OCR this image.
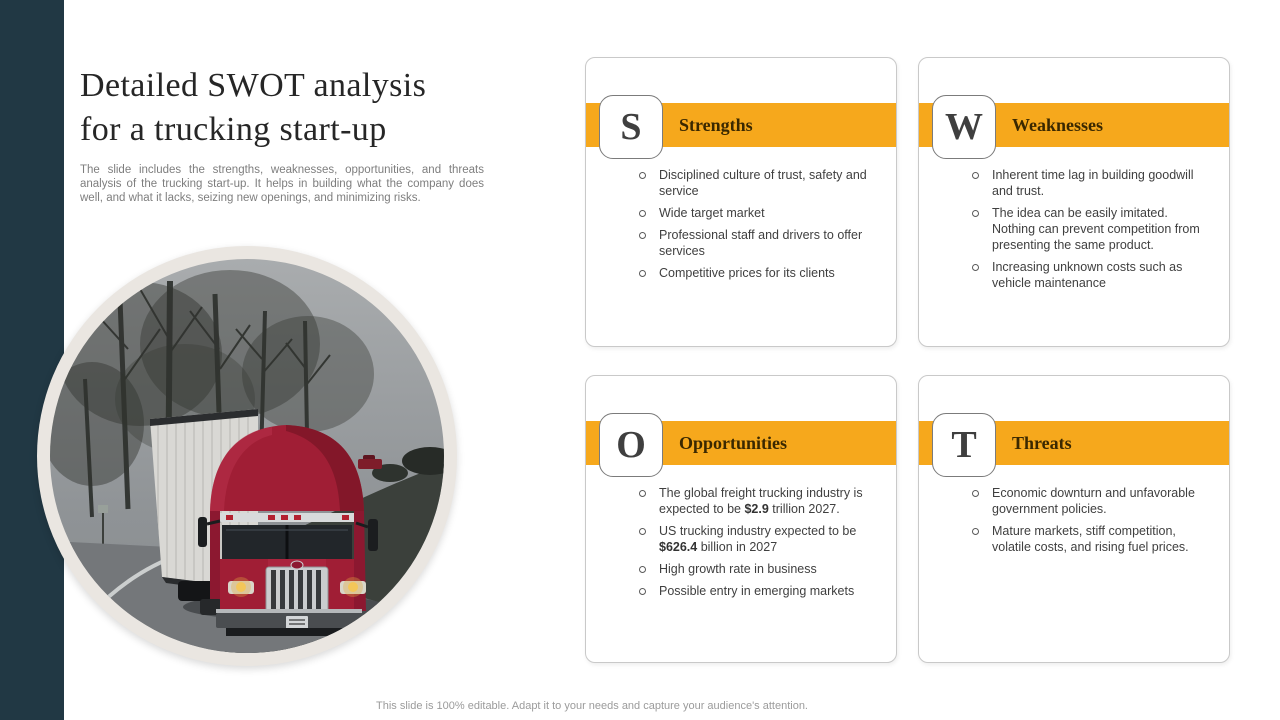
Detailed SWOT analysis
for a trucking start-up

The slide includes the strengths, weaknesses, opportunities, and threats analysis of the trucking start-up. It helps in building what the company does well, and what it lacks, seizing new openings, and minimizing risks.

S	Strengths
Disciplined culture of trust, safety and service
Wide target market
Professional staff and drivers to offer services
Competitive prices for its clients
W	Weaknesses
Inherent time lag in building goodwill and trust.
The idea can be easily imitated. Nothing can prevent competition from presenting the same product.
Increasing unknown costs such as vehicle maintenance
O	Opportunities
The global freight trucking industry is expected to be $2.9 trillion 2027.
US trucking industry expected to be $626.4 billion in 2027
High growth rate in business
Possible entry in emerging markets
T	Threats
Economic downturn and unfavorable government policies.
Mature markets, stiff competition, volatile costs, and rising fuel prices.
This slide is 100% editable. Adapt it to your needs and capture your audience's attention.
